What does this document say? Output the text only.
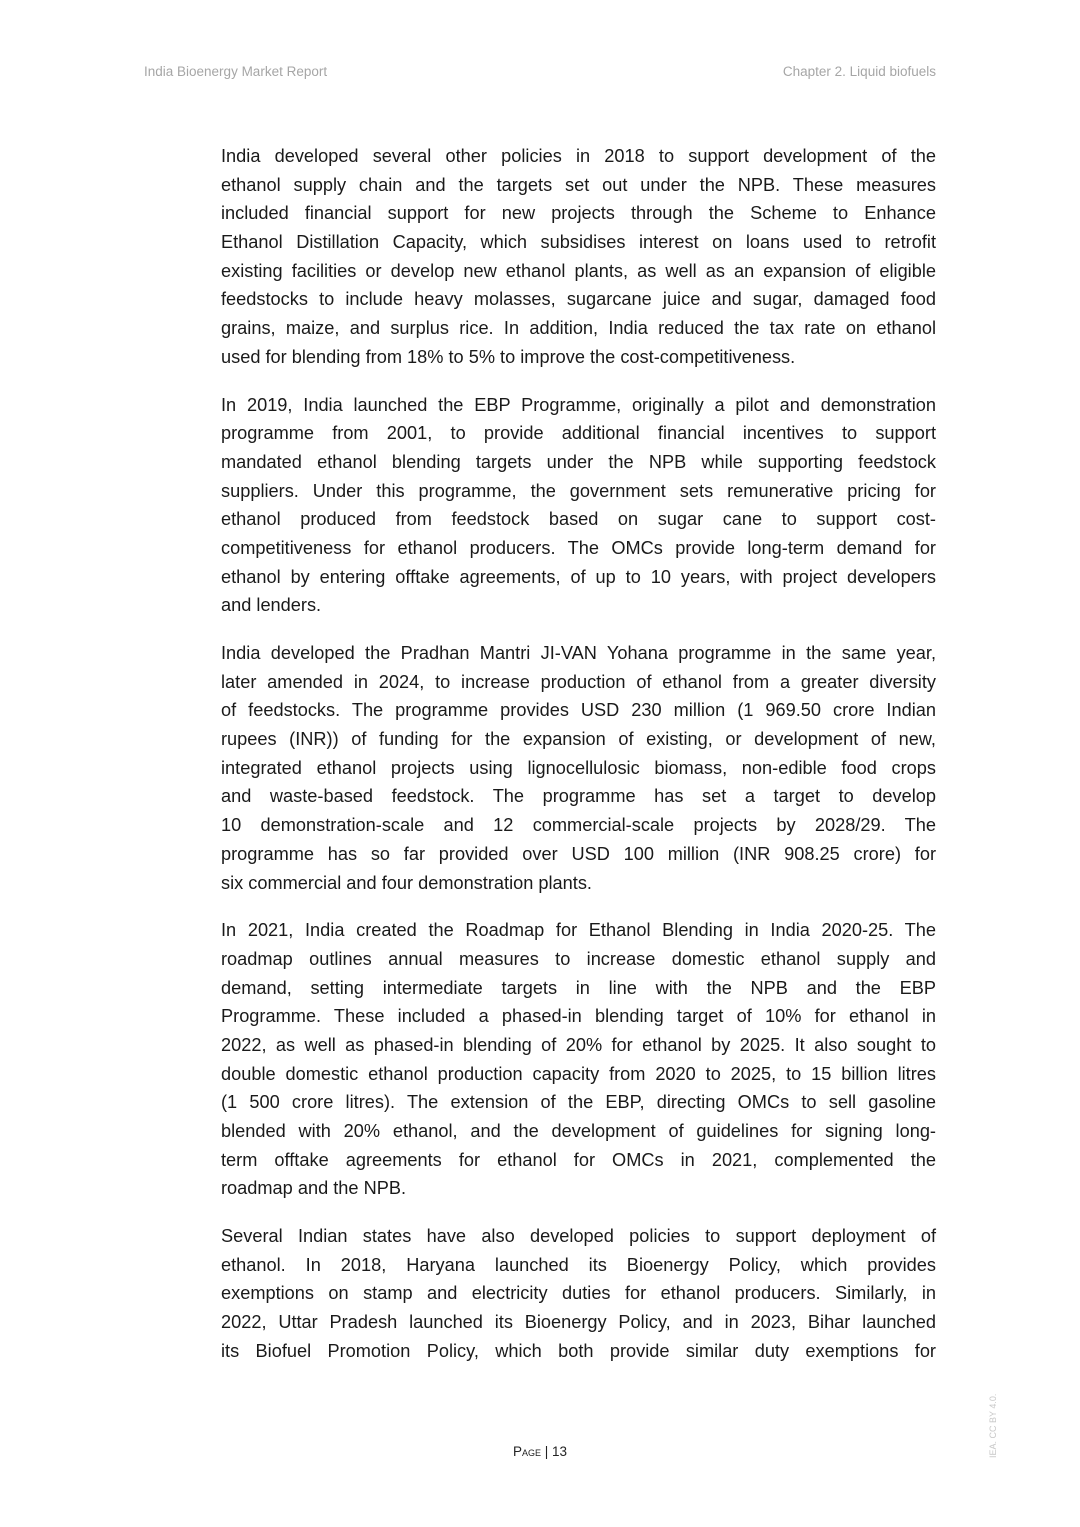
India Bioenergy Market Report	Chapter 2. Liquid biofuels
India developed several other policies in 2018 to support development of the
ethanol supply chain and the targets set out under the NPB. These measures
included financial support for new projects through the Scheme to Enhance
Ethanol Distillation Capacity, which subsidises interest on loans used to retrofit
existing facilities or develop new ethanol plants, as well as an expansion of eligible
feedstocks to include heavy molasses, sugarcane juice and sugar, damaged food
grains, maize, and surplus rice. In addition, India reduced the tax rate on ethanol
used for blending from 18% to 5% to improve the cost-competitiveness.
In 2019, India launched the EBP Programme, originally a pilot and demonstration
programme from 2001, to provide additional financial incentives to support
mandated ethanol blending targets under the NPB while supporting feedstock
suppliers. Under this programme, the government sets remunerative pricing for
ethanol produced from feedstock based on sugar cane to support cost-
competitiveness for ethanol producers. The OMCs provide long-term demand for
ethanol by entering offtake agreements, of up to 10 years, with project developers
and lenders.
India developed the Pradhan Mantri JI-VAN Yohana programme in the same year,
later amended in 2024, to increase production of ethanol from a greater diversity
of feedstocks. The programme provides USD 230 million (1 969.50 crore Indian
rupees (INR)) of funding for the expansion of existing, or development of new,
integrated ethanol projects using lignocellulosic biomass, non-edible food crops
and waste-based feedstock. The programme has set a target to develop
10 demonstration-scale and 12 commercial-scale projects by 2028/29. The
programme has so far provided over USD 100 million (INR 908.25 crore) for
six commercial and four demonstration plants.
In 2021, India created the Roadmap for Ethanol Blending in India 2020-25. The
roadmap outlines annual measures to increase domestic ethanol supply and
demand, setting intermediate targets in line with the NPB and the EBP
Programme. These included a phased-in blending target of 10% for ethanol in
2022, as well as phased-in blending of 20% for ethanol by 2025. It also sought to
double domestic ethanol production capacity from 2020 to 2025, to 15 billion litres
(1 500 crore litres). The extension of the EBP, directing OMCs to sell gasoline
blended with 20% ethanol, and the development of guidelines for signing long-
term offtake agreements for ethanol for OMCs in 2021, complemented the
roadmap and the NPB.
Several Indian states have also developed policies to support deployment of
ethanol. In 2018, Haryana launched its Bioenergy Policy, which provides
exemptions on stamp and electricity duties for ethanol producers. Similarly, in
2022, Uttar Pradesh launched its Bioenergy Policy, and in 2023, Bihar launched
its Biofuel Promotion Policy, which both provide similar duty exemptions for
Page | 13	IEA. CC BY 4.0.
